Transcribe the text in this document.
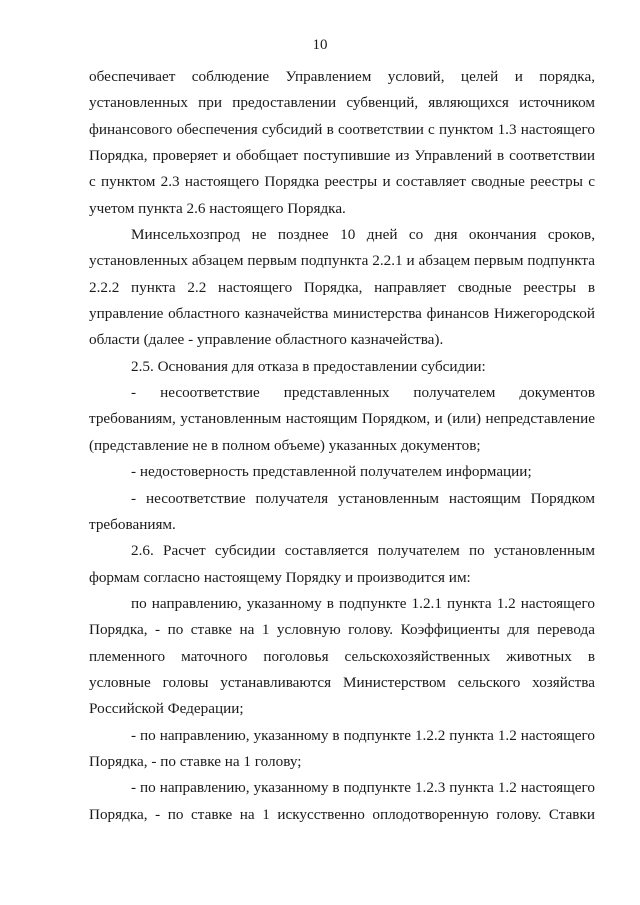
10

обеспечивает соблюдение Управлением условий, целей и порядка, установленных при предоставлении субвенций, являющихся источником финансового обеспечения субсидий в соответствии с пунктом 1.3 настоящего Порядка, проверяет и обобщает поступившие из Управлений в соответствии с пунктом 2.3 настоящего Порядка реестры и составляет сводные реестры с учетом пункта 2.6 настоящего Порядка.

Минсельхозпрод не позднее 10 дней со дня окончания сроков, установленных абзацем первым подпункта 2.2.1 и абзацем первым подпункта 2.2.2 пункта 2.2 настоящего Порядка, направляет сводные реестры в управление областного казначейства министерства финансов Нижегородской области (далее - управление областного казначейства).

2.5. Основания для отказа в предоставлении субсидии:

- несоответствие представленных получателем документов требованиям, установленным настоящим Порядком, и (или) непредставление (представление не в полном объеме) указанных документов;

- недостоверность представленной получателем информации;

- несоответствие получателя установленным настоящим Порядком требованиям.

2.6. Расчет субсидии составляется получателем по установленным формам согласно настоящему Порядку и производится им:

по направлению, указанному в подпункте 1.2.1 пункта 1.2 настоящего Порядка, - по ставке на 1 условную голову. Коэффициенты для перевода племенного маточного поголовья сельскохозяйственных животных в условные головы устанавливаются Министерством сельского хозяйства Российской Федерации;

- по направлению, указанному в подпункте 1.2.2 пункта 1.2 настоящего Порядка, - по ставке на 1 голову;

- по направлению, указанному в подпункте 1.2.3 пункта 1.2 настоящего Порядка, - по ставке на 1 искусственно оплодотворенную голову. Ставки
